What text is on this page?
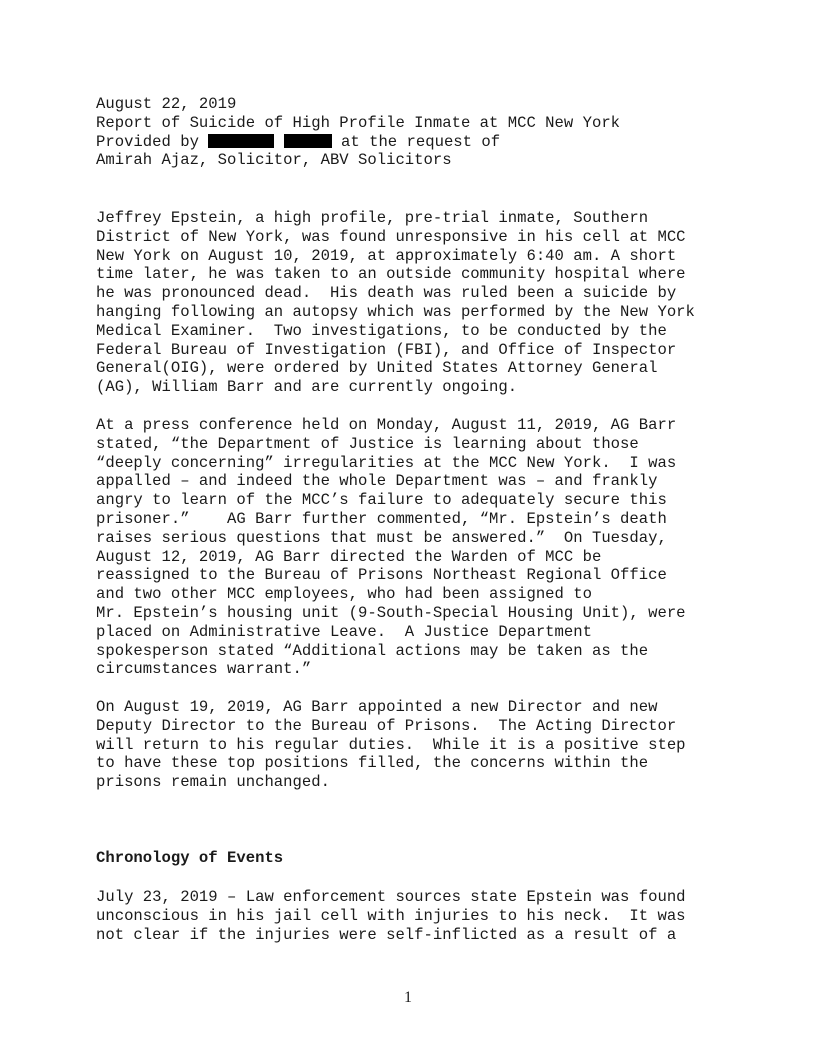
August 22, 2019
Report of Suicide of High Profile Inmate at MCC New York
Provided by	at the request of
Amirah Ajaz, Solicitor, ABV Solicitors
Jeffrey Epstein, a high profile, pre-trial inmate, Southern
District of New York, was found unresponsive in his cell at MCC
New York on August 10, 2019, at approximately 6:40 am. A short
time later, he was taken to an outside community hospital where
he was pronounced dead.  His death was ruled been a suicide by
hanging following an autopsy which was performed by the New York
Medical Examiner.  Two investigations, to be conducted by the
Federal Bureau of Investigation (FBI), and Office of Inspector
General(OIG), were ordered by United States Attorney General
(AG), William Barr and are currently ongoing.
At a press conference held on Monday, August 11, 2019, AG Barr
stated, “the Department of Justice is learning about those
“deeply concerning” irregularities at the MCC New York.  I was
appalled – and indeed the whole Department was – and frankly
angry to learn of the MCC’s failure to adequately secure this
prisoner.”    AG Barr further commented, “Mr. Epstein’s death
raises serious questions that must be answered.”  On Tuesday,
August 12, 2019, AG Barr directed the Warden of MCC be
reassigned to the Bureau of Prisons Northeast Regional Office
and two other MCC employees, who had been assigned to
Mr. Epstein’s housing unit (9-South-Special Housing Unit), were
placed on Administrative Leave.  A Justice Department
spokesperson stated “Additional actions may be taken as the
circumstances warrant.”
On August 19, 2019, AG Barr appointed a new Director and new
Deputy Director to the Bureau of Prisons.  The Acting Director
will return to his regular duties.  While it is a positive step
to have these top positions filled, the concerns within the
prisons remain unchanged.
Chronology of Events
July 23, 2019 – Law enforcement sources state Epstein was found
unconscious in his jail cell with injuries to his neck.  It was
not clear if the injuries were self-inflicted as a result of a
1
